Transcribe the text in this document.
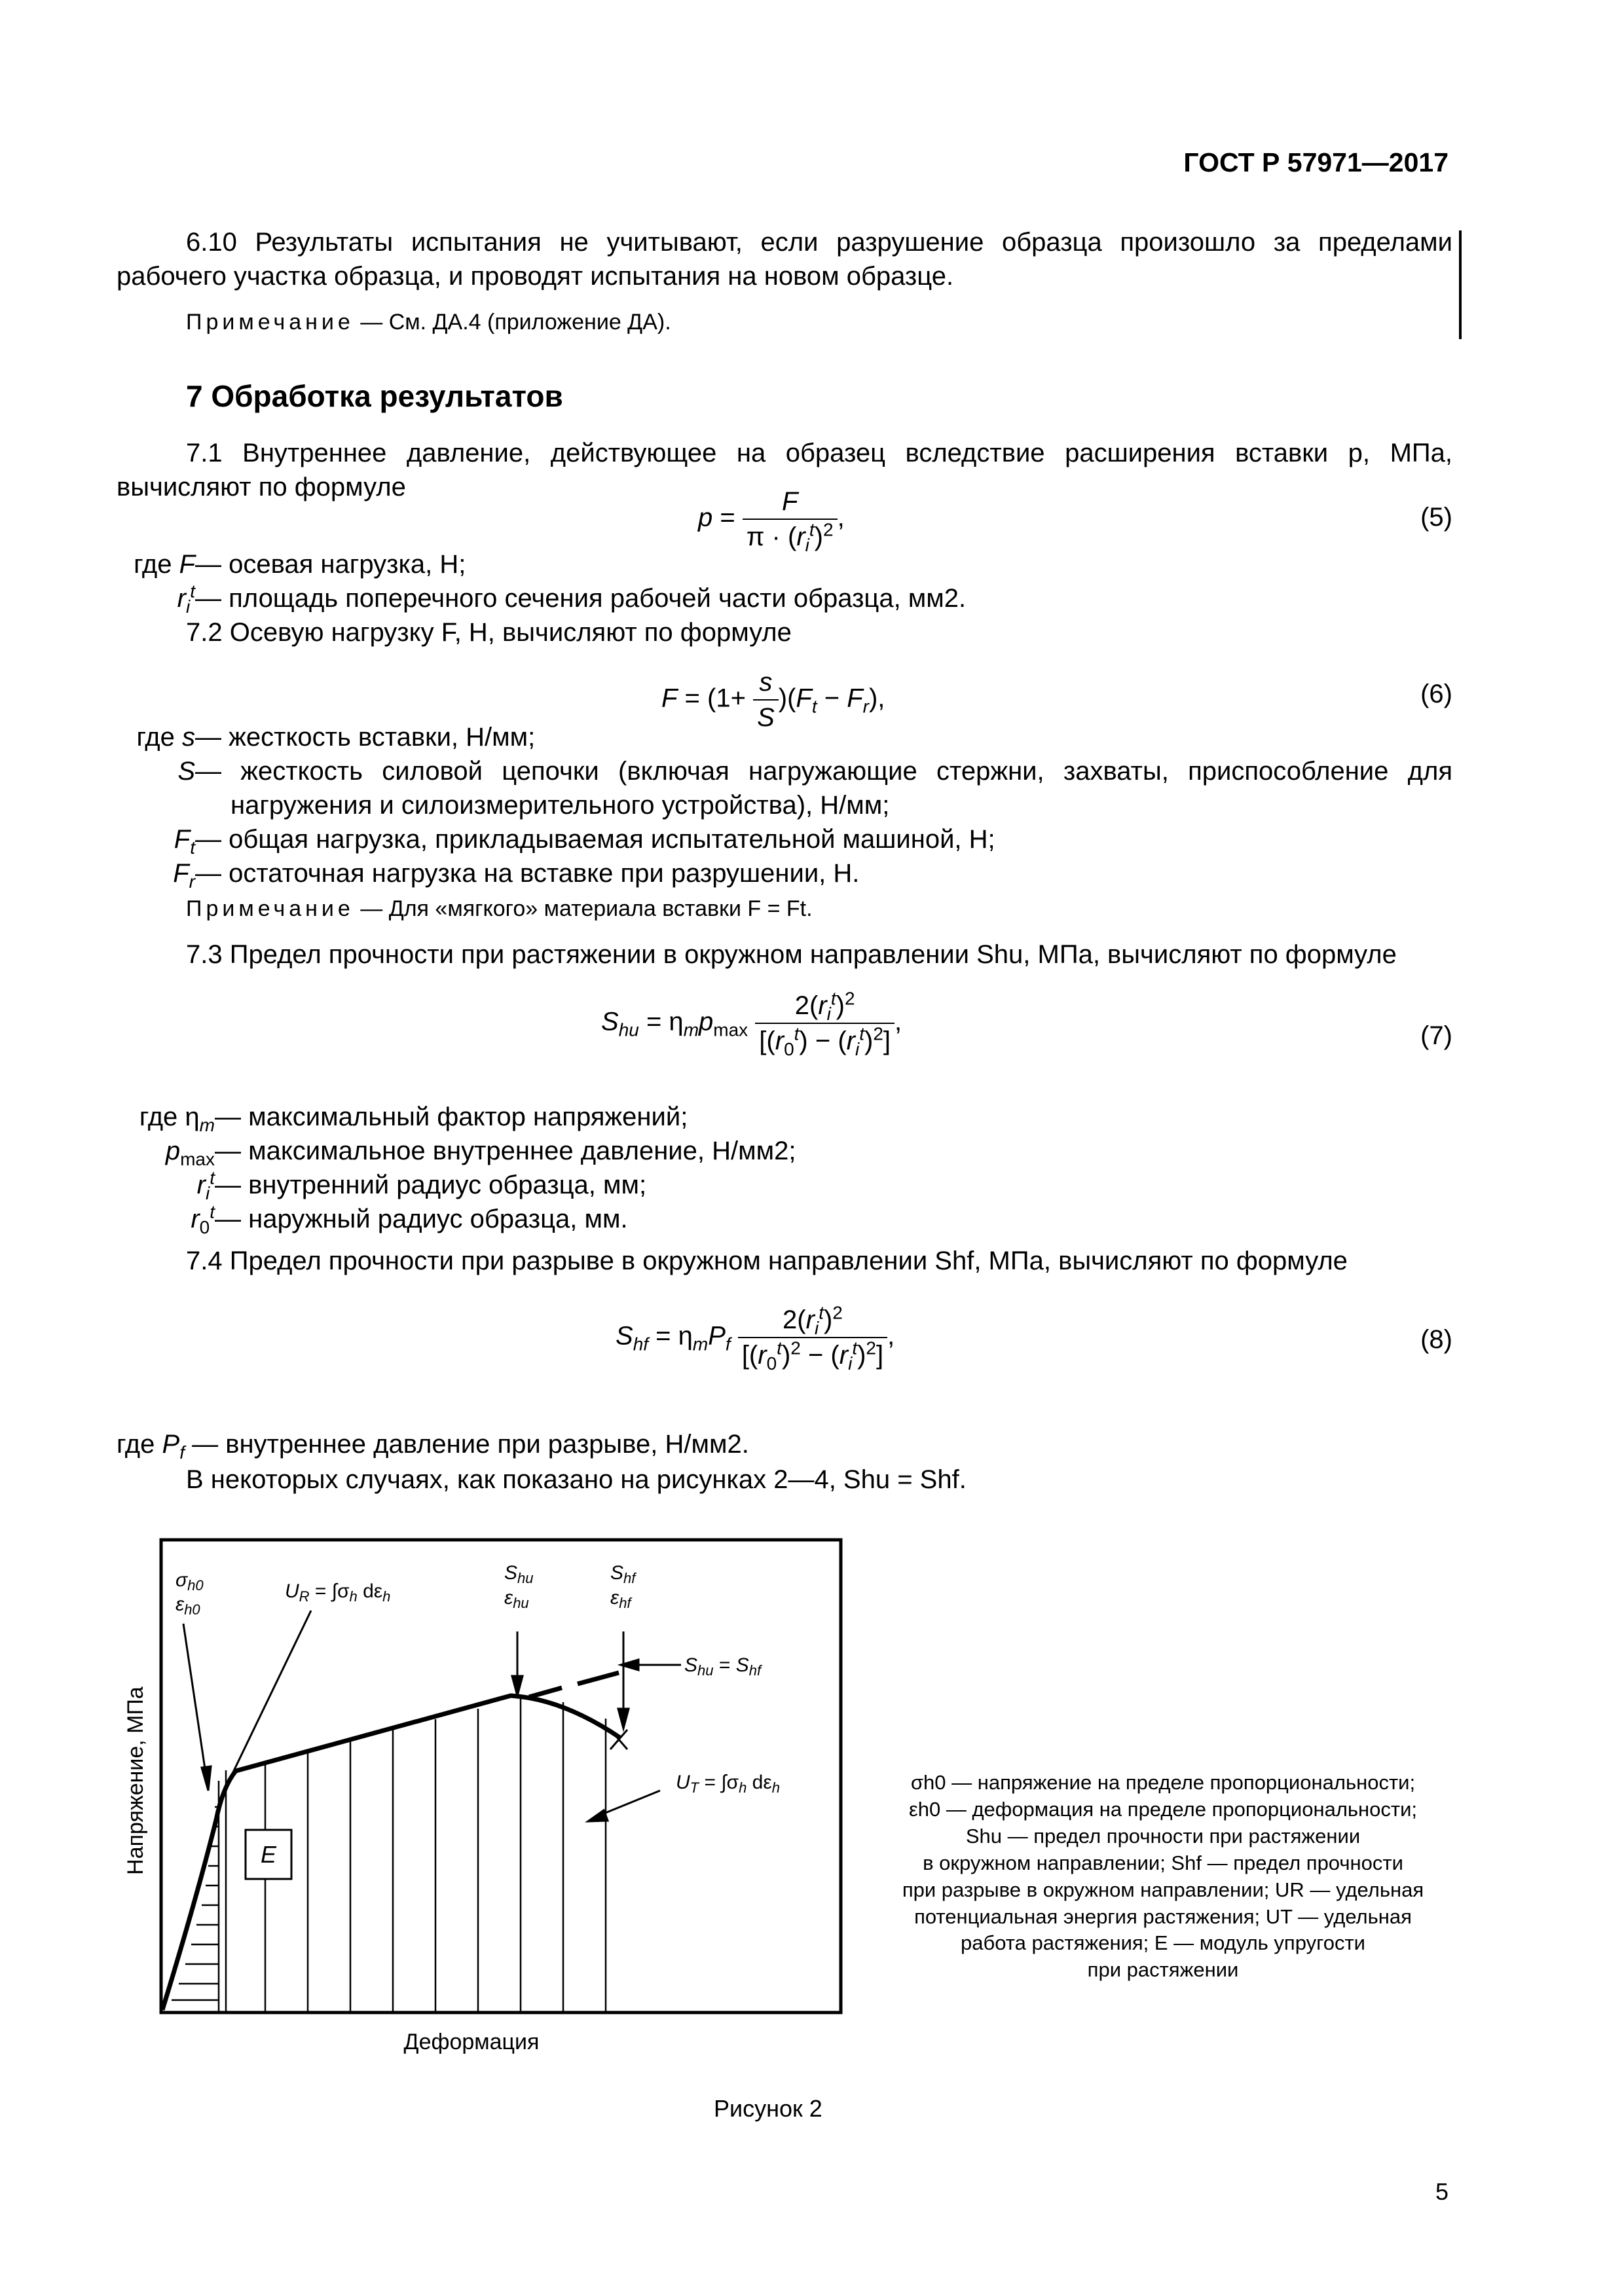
ГОСТ Р 57971—2017
6.10 Результаты испытания не учитывают, если разрушение образца произошло за пределами рабочего участка образца, и проводят испытания на новом образце.
Примечание — См. ДА.4 (приложение ДА).
7 Обработка результатов
7.1 Внутреннее давление, действующее на образец вследствие расширения вставки p, МПа, вычисляют по формуле
$p = \frac{F}{\pi \cdot (r_i^t)^2}$ ,	(5)
где F — осевая нагрузка, Н;
$r_i^t$ — площадь поперечного сечения рабочей части образца, мм2.
7.2 Осевую нагрузку F, Н, вычисляют по формуле
$F = (1+ \frac{s}{S} )(F_t - F_r)$,	(6)
где s — жесткость вставки, Н/мм;
S — жесткость силовой цепочки (включая нагружающие стержни, захваты, приспособление для
нагружения и силоизмерительного устройства), Н/мм;
$F_t$ — общая нагрузка, прикладываемая испытательной машиной, Н;
$F_r$ — остаточная нагрузка на вставке при разрушении, Н.
Примечание — Для «мягкого» материала вставки F = Ft.
7.3 Предел прочности при растяжении в окружном направлении Shu, МПа, вычисляют по формуле
$S_{hu} = \eta_mp_{max} \frac{2(r_i^t)^2}{[(r_0^t) - (r_i^t)^2]}$ ,	(7)
где $\eta_m$ — максимальный фактор напряжений;
$p_{max}$ — максимальное внутреннее давление, Н/мм2;
$r_i^t$ — внутренний радиус образца, мм;
$r_0^t$ — наружный радиус образца, мм.
7.4 Предел прочности при разрыве в окружном направлении Shf, МПа, вычисляют по формуле
$S_{hf} = \eta_mP_f \frac{2(r_i^t)^2}{[(r_0^t)^2 - (r_i^t)^2]}$ ,	(8)
где $P_f$ — внутреннее давление при разрыве, Н/мм2.
В некоторых случаях, как показано на рисунках 2—4, Shu = Shf.
E
$\sigma_{h0}$
$\varepsilon_{h0}$
$U_R = \int\sigma_h$ $d\varepsilon_h$
$S_{hu}$
$\varepsilon_{hu}$
$S_{hf}$
$\varepsilon_{hf}$
$S_{hu} = S_{hf}$
$U_T = \int\sigma_h$ $d\varepsilon_h$
Напряжение, МПа
Деформация
σh0 — напряжение на пределе пропорциональности;
εh0 — деформация на пределе пропорциональности;
Shu — предел прочности при растяжении
в окружном направлении; Shf — предел прочности
при разрыве в окружном направлении; UR — удельная
потенциальная энергия растяжения; UT — удельная
работа растяжения; E — модуль упругости
при растяжении
Рисунок 2
5
